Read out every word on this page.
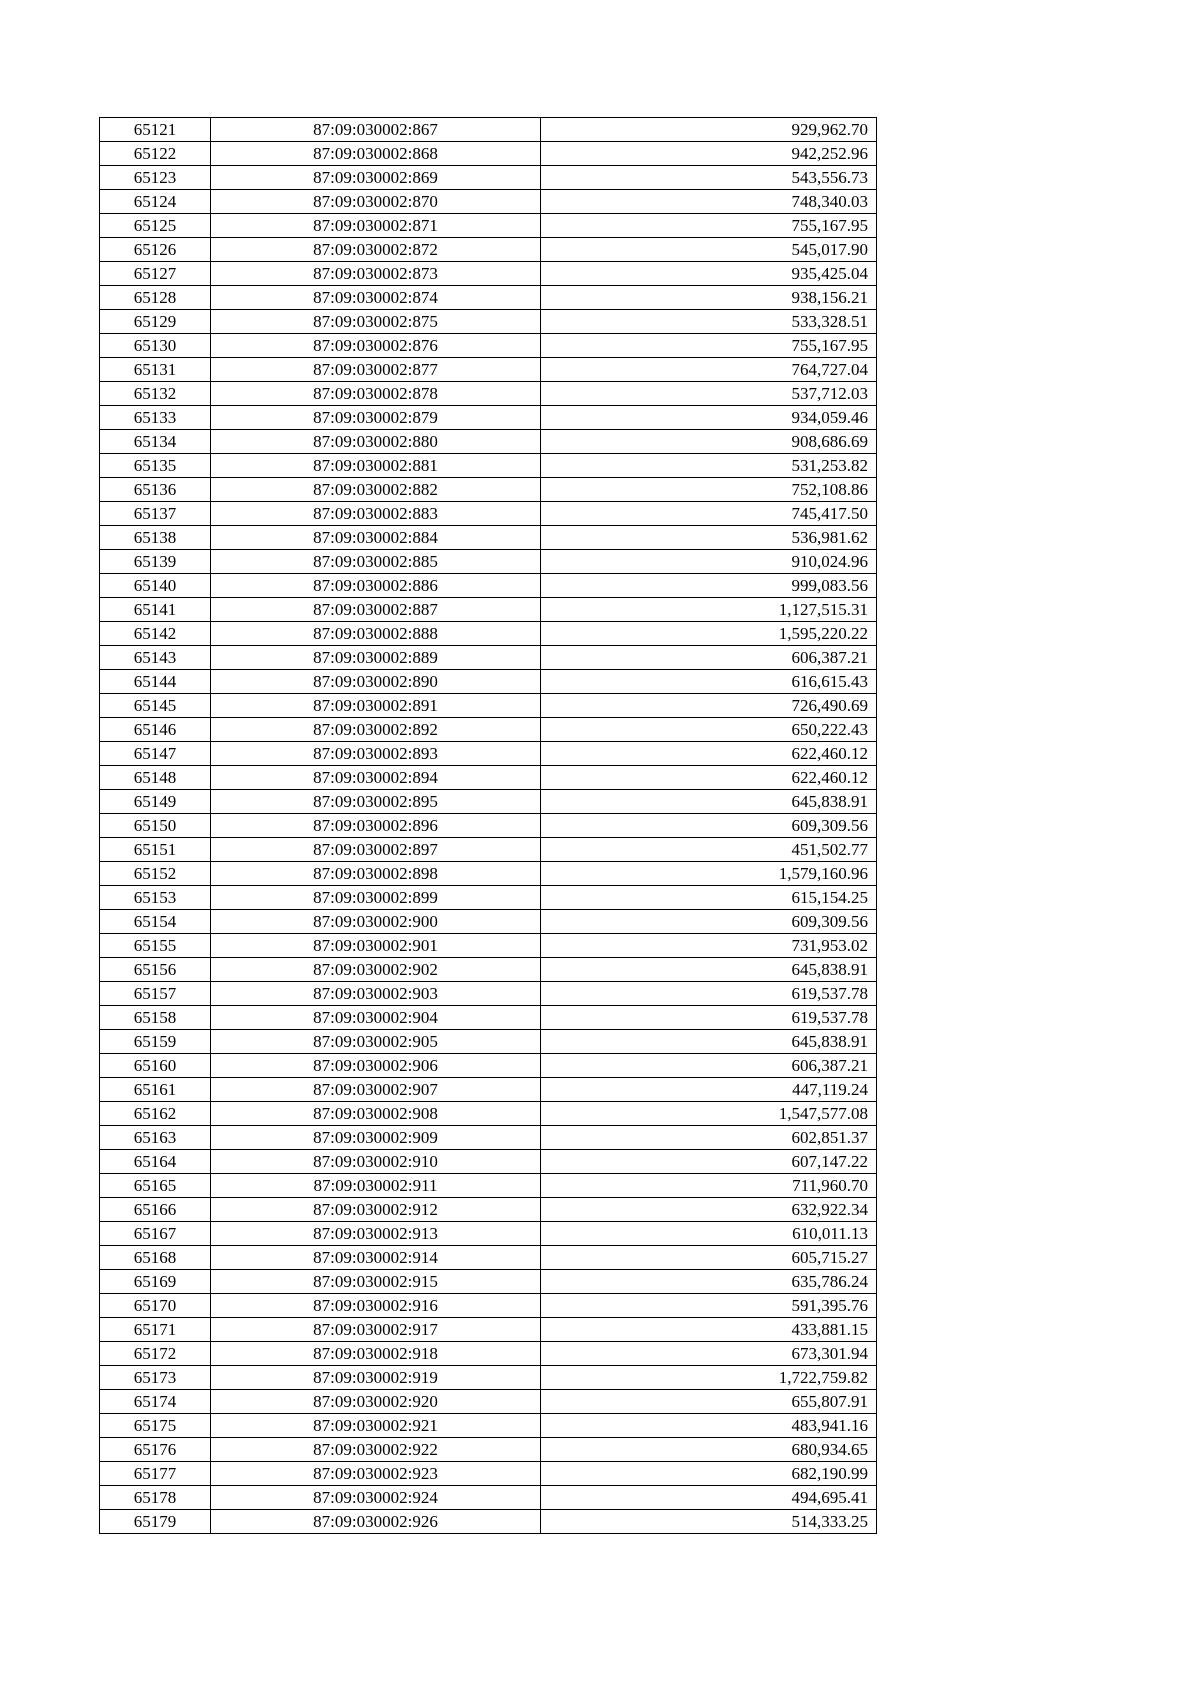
65121	87:09:030002:867	929,962.70
65122	87:09:030002:868	942,252.96
65123	87:09:030002:869	543,556.73
65124	87:09:030002:870	748,340.03
65125	87:09:030002:871	755,167.95
65126	87:09:030002:872	545,017.90
65127	87:09:030002:873	935,425.04
65128	87:09:030002:874	938,156.21
65129	87:09:030002:875	533,328.51
65130	87:09:030002:876	755,167.95
65131	87:09:030002:877	764,727.04
65132	87:09:030002:878	537,712.03
65133	87:09:030002:879	934,059.46
65134	87:09:030002:880	908,686.69
65135	87:09:030002:881	531,253.82
65136	87:09:030002:882	752,108.86
65137	87:09:030002:883	745,417.50
65138	87:09:030002:884	536,981.62
65139	87:09:030002:885	910,024.96
65140	87:09:030002:886	999,083.56
65141	87:09:030002:887	1,127,515.31
65142	87:09:030002:888	1,595,220.22
65143	87:09:030002:889	606,387.21
65144	87:09:030002:890	616,615.43
65145	87:09:030002:891	726,490.69
65146	87:09:030002:892	650,222.43
65147	87:09:030002:893	622,460.12
65148	87:09:030002:894	622,460.12
65149	87:09:030002:895	645,838.91
65150	87:09:030002:896	609,309.56
65151	87:09:030002:897	451,502.77
65152	87:09:030002:898	1,579,160.96
65153	87:09:030002:899	615,154.25
65154	87:09:030002:900	609,309.56
65155	87:09:030002:901	731,953.02
65156	87:09:030002:902	645,838.91
65157	87:09:030002:903	619,537.78
65158	87:09:030002:904	619,537.78
65159	87:09:030002:905	645,838.91
65160	87:09:030002:906	606,387.21
65161	87:09:030002:907	447,119.24
65162	87:09:030002:908	1,547,577.08
65163	87:09:030002:909	602,851.37
65164	87:09:030002:910	607,147.22
65165	87:09:030002:911	711,960.70
65166	87:09:030002:912	632,922.34
65167	87:09:030002:913	610,011.13
65168	87:09:030002:914	605,715.27
65169	87:09:030002:915	635,786.24
65170	87:09:030002:916	591,395.76
65171	87:09:030002:917	433,881.15
65172	87:09:030002:918	673,301.94
65173	87:09:030002:919	1,722,759.82
65174	87:09:030002:920	655,807.91
65175	87:09:030002:921	483,941.16
65176	87:09:030002:922	680,934.65
65177	87:09:030002:923	682,190.99
65178	87:09:030002:924	494,695.41
65179	87:09:030002:926	514,333.25
